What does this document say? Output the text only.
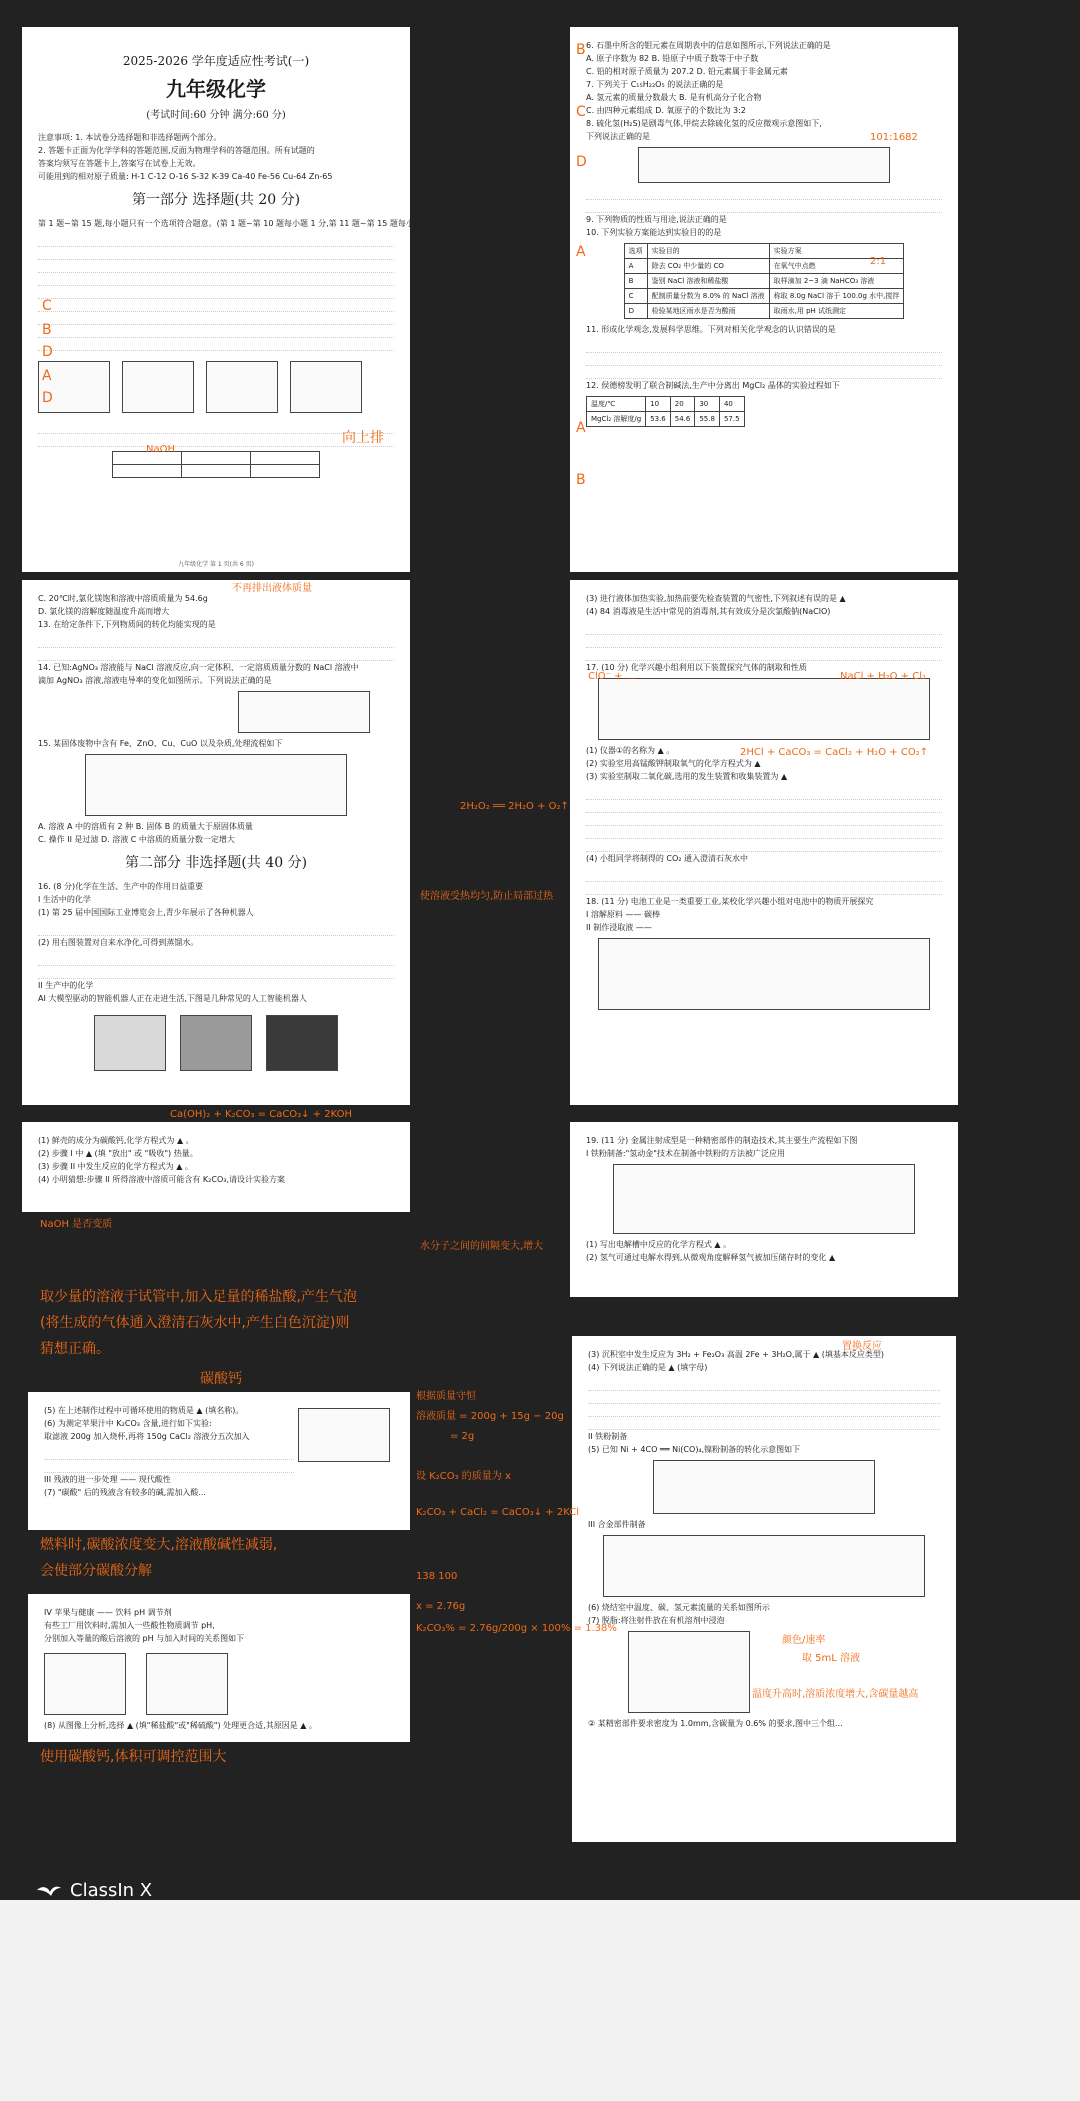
2025-2026 学年度适应性考试(一)
九年级化学
(考试时间:60 分钟 满分:60 分)
注意事项: 1. 本试卷分选择题和非选择题两个部分。
2. 答题卡正面为化学学科的答题范围,反面为物理学科的答题范围。所有试题的
答案均须写在答题卡上,答案写在试卷上无效。
可能用到的相对原子质量: H-1 C-12 O-16 S-32 K-39 Ca-40 Fe-56 Cu-64 Zn-65
第一部分 选择题(共 20 分)
第 1 题~第 15 题,每小题只有一个选项符合题意。(第 1 题~第 10 题每小题 1 分,第 11 题~第 15 题每小题 2 分)

九年级化学 第 1 页(共 6 页)
C
B
D
A
D
NaOH
向上排
6. 石墨中所含的钼元素在周期表中的信息如图所示,下列说法正确的是
A. 原子序数为 82 B. 铅原子中质子数等于中子数
C. 铅的相对原子质量为 207.2 D. 铅元素属于非金属元素
7. 下列关于 C₁₅H₂₂O₅ 的说法正确的是
A. 氢元素的质量分数最大 B. 是有机高分子化合物
C. 由四种元素组成 D. 氧原子的个数比为 3:2
8. 硫化氢(H₂S)是剧毒气体,甲烷去除硫化氢的反应微观示意图如下,
下列说法正确的是
9. 下列物质的性质与用途,说法正确的是
10. 下列实验方案能达到实验目的的是
选项	实验目的	实验方案
A	除去 CO₂ 中少量的 CO	在氧气中点燃
B	鉴别 NaCl 溶液和稀盐酸	取样滴加 2~3 滴 NaHCO₃ 溶液
C	配制质量分数为 8.0% 的 NaCl 溶液	称取 8.0g NaCl 溶于 100.0g 水中,搅拌
D	检验某地区雨水是否为酸雨	取雨水,用 pH 试纸测定
11. 形成化学观念,发展科学思维。下列对相关化学观念的认识错误的是
12. 侯德榜发明了联合制碱法,生产中分离出 MgCl₂ 晶体的实验过程如下
温度/℃	10	20	30	40
MgCl₂ 溶解度/g	53.6	54.6	55.8	57.5
B
C
D
101:1682
A
2:1
A
B
C. 20℃时,氯化镁饱和溶液中溶质质量为 54.6g
D. 氯化镁的溶解度随温度升高而增大
13. 在给定条件下,下列物质间的转化均能实现的是
14. 已知:AgNO₃ 溶液能与 NaCl 溶液反应,向一定体积、一定溶质质量分数的 NaCl 溶液中
滴加 AgNO₃ 溶液,溶液电导率的变化如图所示。下列说法正确的是
15. 某固体废物中含有 Fe、ZnO、Cu、CuO 以及杂质,处理流程如下
A. 溶液 A 中的溶质有 2 种 B. 固体 B 的质量大于原固体质量
C. 操作 II 是过滤 D. 溶液 C 中溶质的质量分数一定增大
第二部分 非选择题(共 40 分)
16. (8 分)化学在生活、生产中的作用日益重要
I 生活中的化学
(1) 第 25 届中国国际工业博览会上,青少年展示了各种机器人
(2) 用右图装置对自来水净化,可得到蒸馏水。
II 生产中的化学
AI 大模型驱动的智能机器人正在走进生活,下图是几种常见的人工智能机器人
不再排出液体质量
(3) 进行液体加热实验,加热前要先检查装置的气密性,下列叙述有误的是 ▲
(4) 84 消毒液是生活中常见的消毒剂,其有效成分是次氯酸钠(NaClO)
17. (10 分) 化学兴趣小组利用以下装置探究气体的制取和性质
(1) 仪器①的名称为 ▲ 。
(2) 实验室用高锰酸钾制取氧气的化学方程式为 ▲
(3) 实验室制取二氧化碳,选用的发生装置和收集装置为 ▲
(4) 小组同学将制得的 CO₂ 通入澄清石灰水中
18. (11 分) 电池工业是一类重要工业,某校化学兴趣小组对电池中的物质开展探究
I 溶解原料 —— 碳棒
II 制作浸取液 ——
ClO⁻ + ...
2HCl + CaCO₃ = CaCl₂ + H₂O + CO₂↑
NaCl + H₂O + Cl₂
(1) 鲜壳的成分为碳酸钙,化学方程式为 ▲ 。
(2) 步骤 I 中 ▲ (填 "放出" 或 "吸收") 热量。
(3) 步骤 II 中发生反应的化学方程式为 ▲ 。
(4) 小明猜想:步骤 II 所得溶液中溶质可能含有 K₂CO₃,请设计实验方案
19. (11 分) 金属注射成型是一种精密部件的制造技术,其主要生产流程如下图
I 铁粉制备:"氢动金"技术在制备中铁粉的方法被广泛应用
(1) 写出电解槽中反应的化学方程式 ▲ 。
(2) 氢气可通过电解水得到,从微观角度解释氢气被加压储存时的变化 ▲
(5) 在上述制作过程中可循环使用的物质是 ▲ (填名称)。
(6) 为测定苹果汁中 K₂CO₃ 含量,进行如下实验:
取滤液 200g 加入烧杯,再将 150g CaCl₂ 溶液分五次加入
III 残液的进一步处理 —— 现代酸性
(7) "碳酸" 后的残液含有较多的碱,需加入酸...
IV 苹果与健康 —— 饮料 pH 调节剂
有些工厂用饮料时,需加入一些酸性物质调节 pH,
分别加入等量的酸后溶液的 pH 与加入时间的关系图如下
(8) 从图像上分析,选择 ▲ (填"稀盐酸"或"稀硫酸") 处理更合适,其原因是 ▲ 。
(3) 沉积室中发生反应为 3H₂ + Fe₂O₃ 高温 2Fe + 3H₂O,属于 ▲ (填基本反应类型)
(4) 下列说法正确的是 ▲ (填字母)
II 铁粉制备
(5) 已知 Ni + 4CO ══ Ni(CO)₄,镍粉制备的转化示意图如下
III 合金部件制备
(6) 烧结室中温度、碳、氢元素流量的关系如图所示
(7) 脱脂:将注射件放在有机溶剂中浸泡
② 某精密部件要求密度为 1.0mm,含碳量为 0.6% 的要求,图中三个组...
置换反应
颜色/速率
取 5mL 溶液
温度升高时,溶质浓度增大,含碳量越高
2H₂O₂ ══ 2H₂O + O₂↑
使溶液受热均匀,防止局部过热
Ca(OH)₂ + K₂CO₃ = CaCO₃↓ + 2KOH
NaOH 是否变质
取少量的溶液于试管中,加入足量的稀盐酸,产生气泡
(将生成的气体通入澄清石灰水中,产生白色沉淀)则
猜想正确。
碳酸钙
燃料时,碳酸浓度变大,溶液酸碱性减弱,
会使部分碳酸分解
使用碳酸钙,体积可调控范围大
根据质量守恒
溶液质量 = 200g + 15g − 20g
= 2g
设 K₂CO₃ 的质量为 x
K₂CO₃ + CaCl₂ = CaCO₃↓ + 2KCl
138 100
x = 2.76g
K₂CO₃% = 2.76g/200g × 100% = 1.38%
水分子之间的间隔变大,增大
ClassIn X
